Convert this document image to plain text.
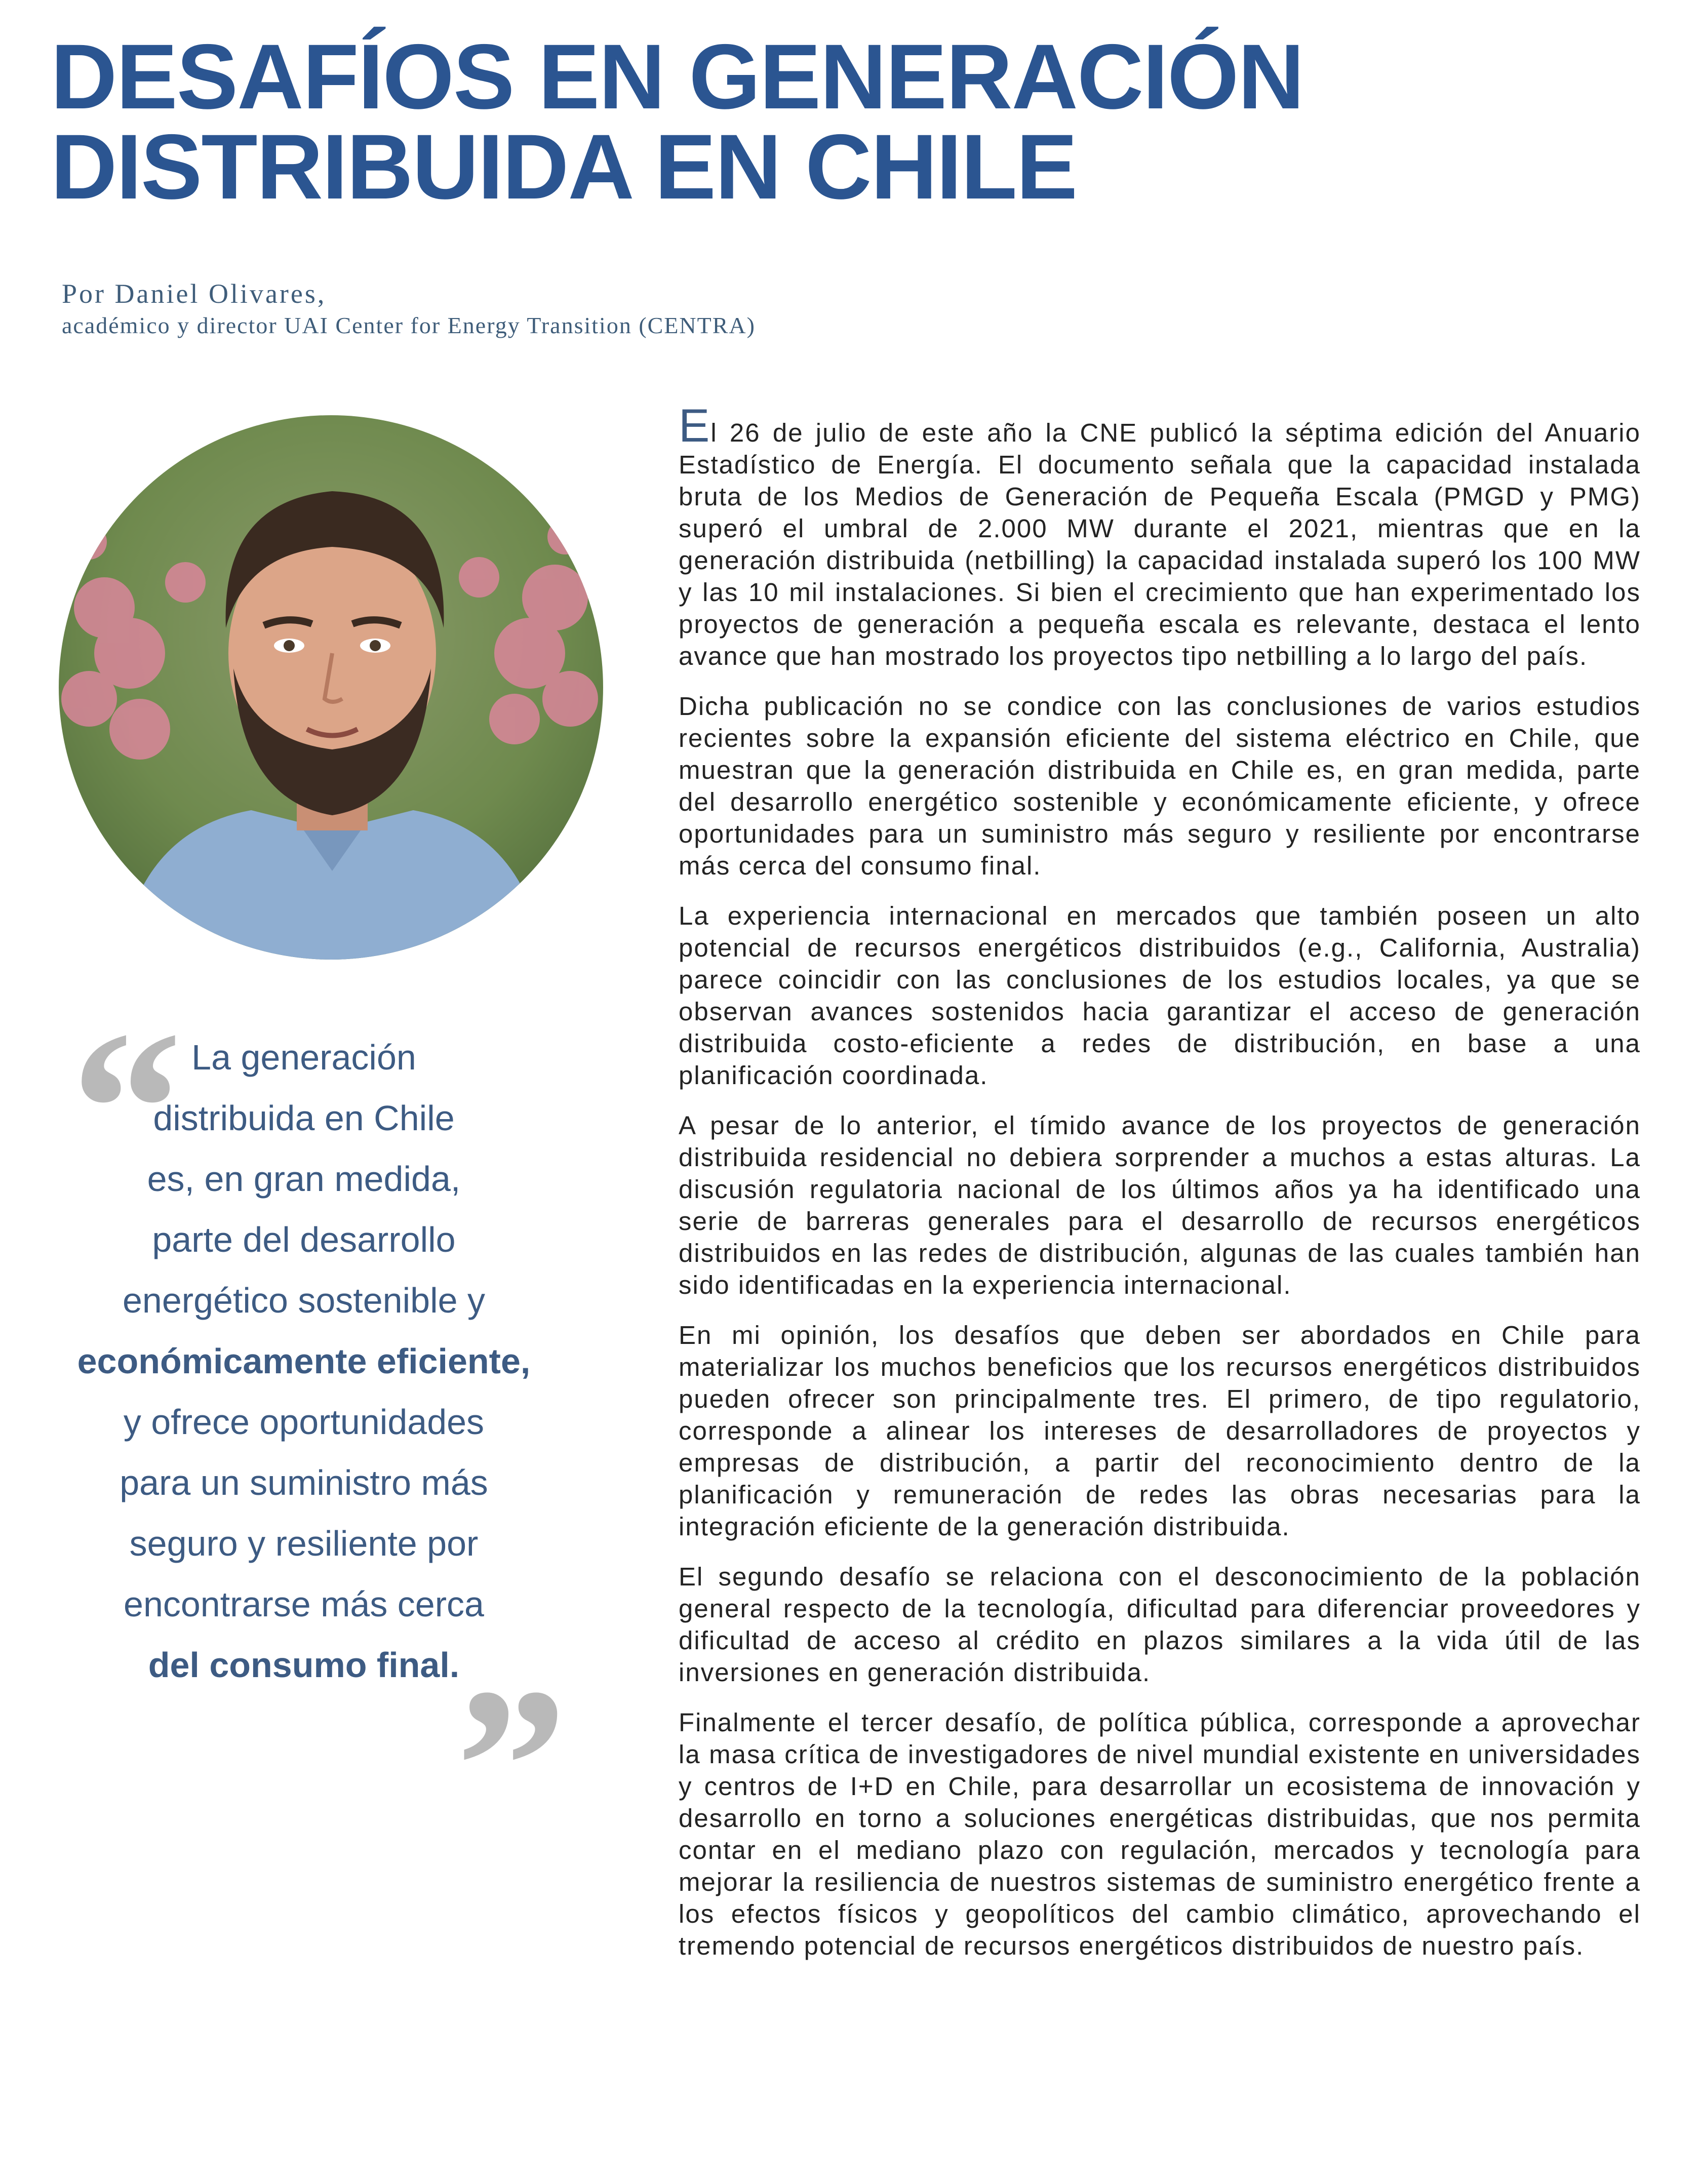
DESAFÍOS EN GENERACIÓN
DISTRIBUIDA EN CHILE
Por Daniel Olivares,
académico y director UAI Center for Energy Transition (CENTRA)
“ La generación
distribuida en Chile
es, en gran medida,
parte del desarrollo
energético sostenible y
económicamente eficiente,
y ofrece oportunidades
para un suministro más
seguro y resiliente por
encontrarse más cerca
del consumo final.
”

El 26 de julio de este año la CNE publicó la séptima edición del Anuario Estadístico de Energía. El documento señala que la capacidad instalada bruta de los Medios de Generación de Pequeña Escala (PMGD y PMG) superó el umbral de 2.000 MW durante el 2021, mientras que en la generación distribuida (netbilling) la capacidad instalada superó los 100 MW y las 10 mil instalaciones. Si bien el crecimiento que han experimentado los proyectos de generación a pequeña escala es relevante, destaca el lento avance que han mostrado los proyectos tipo netbilling a lo largo del país.

Dicha publicación no se condice con las conclusiones de varios estudios recientes sobre la expansión eficiente del sistema eléctrico en Chile, que muestran que la generación distribuida en Chile es, en gran medida, parte del desarrollo energético sostenible y económicamente eficiente, y ofrece oportunidades para un suministro más seguro y resiliente por encontrarse más cerca del consumo final.

La experiencia internacional en mercados que también poseen un alto potencial de recursos energéticos distribuidos (e.g., California, Australia) parece coincidir con las conclusiones de los estudios locales, ya que se observan avances sostenidos hacia garantizar el acceso de generación distribuida costo-eficiente a redes de distribución, en base a una planificación coordinada.

A pesar de lo anterior, el tímido avance de los proyectos de generación distribuida residencial no debiera sorprender a muchos a estas alturas. La discusión regulatoria nacional de los últimos años ya ha identificado una serie de barreras generales para el desarrollo de recursos energéticos distribuidos en las redes de distribución, algunas de las cuales también han sido identificadas en la experiencia internacional.

En mi opinión, los desafíos que deben ser abordados en Chile para materializar los muchos beneficios que los recursos energéticos distribuidos pueden ofrecer son principalmente tres. El primero, de tipo regulatorio, corresponde a alinear los intereses de desarrolladores de proyectos y empresas de distribución, a partir del reconocimiento dentro de la planificación y remuneración de redes las obras necesarias para la integración eficiente de la generación distribuida.

El segundo desafío se relaciona con el desconocimiento de la población general respecto de la tecnología, dificultad para diferenciar proveedores y dificultad de acceso al crédito en plazos similares a la vida útil de las inversiones en generación distribuida.

Finalmente el tercer desafío, de política pública, corresponde a aprovechar la masa crítica de investigadores de nivel mundial existente en universidades y centros de I+D en Chile, para desarrollar un ecosistema de innovación y desarrollo en torno a soluciones energéticas distribuidas, que nos permita contar en el mediano plazo con regulación, mercados y tecnología para mejorar la resiliencia de nuestros sistemas de suministro energético frente a los efectos físicos y geopolíticos del cambio climático, aprovechando el tremendo potencial de recursos energéticos distribuidos de nuestro país.
